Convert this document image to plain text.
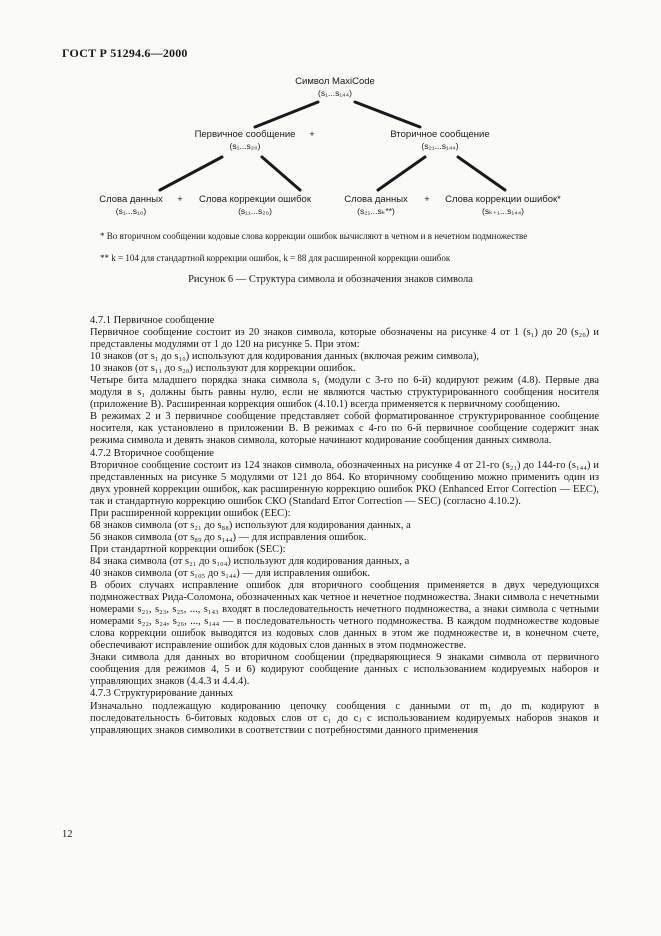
ГОСТ Р 51294.6—2000
Символ MaxiCode
(s₁...s₁₄₄)
Первичное сообщение +
(s₁...s₂₀)
Вторичное сообщение
(s₂₁...s₁₄₄)
Слова данных
(s₁...s₁₀)
+ Слова коррекции ошибок
(s₁₁...s₂₀)
Слова данных
(s₂₁...sₖ**)
+ Слова коррекции ошибок*
(sₖ₊₁...s₁₄₄)
* Во вторичном сообщении кодовые слова коррекции ошибок вычисляют в четном и в нечетном подмножестве
** k = 104 для стандартной коррекции ошибок, k = 88 для расширенной коррекции ошибок
Рисунок 6 — Структура символа и обозначения знаков символа

4.7.1 Первичное сообщение

Первичное сообщение состоит из 20 знаков символа, которые обозначены на рисунке 4 от 1 (s₁) до 20 (s₂₀) и представлены модулями от 1 до 120 на рисунке 5. При этом:

10 знаков (от s₁ до s₁₀) используют для кодирования данных (включая режим символа),

10 знаков (от s₁₁ до s₂₀) используют для коррекции ошибок.

Четыре бита младшего порядка знака символа s₁ (модули с 3-го по 6-й) кодируют режим (4.8). Первые два модуля в s₁ должны быть равны нулю, если не являются частью структурированного сообщения носителя (приложение В). Расширенная коррекция ошибок (4.10.1) всегда применяется к первичному сообщению.

В режимах 2 и 3 первичное сообщение представляет собой форматированное структурированное сообщение носителя, как установлено в приложении В. В режимах с 4-го по 6-й первичное сообщение содержит знак режима символа и девять знаков символа, которые начинают кодирование сообщения данных символа.

4.7.2 Вторичное сообщение

Вторичное сообщение состоит из 124 знаков символа, обозначенных на рисунке 4 от 21-го (s₂₁) до 144-го (s₁₄₄) и представленных на рисунке 5 модулями от 121 до 864. Ко вторичному сообщению можно применить один из двух уровней коррекции ошибок, как расширенную коррекцию ошибок РКО (Enhanced Error Correction — EEC), так и стандартную коррекцию ошибок СКО (Standard Error Correction — SEC) (согласно 4.10.2).

При расширенной коррекции ошибок (EEC):

68 знаков символа (от s₂₁ до s₈₈) используют для кодирования данных, а

56 знаков символа (от s₈₉ до s₁₄₄) — для исправления ошибок.

При стандартной коррекции ошибок (SEC):

84 знака символа (от s₂₁ до s₁₀₄) используют для кодирования данных, а

40 знаков символа (от s₁₀₅ до s₁₄₄) — для исправления ошибок.

В обоих случаях исправление ошибок для вторичного сообщения применяется в двух чередующихся подмножествах Рида-Соломона, обозначенных как четное и нечетное подмножества. Знаки символа с нечетными номерами s₂₁, s₂₃, s₂₅, ..., s₁₄₃ входят в последовательность нечетного подмножества, а знаки символа с четными номерами s₂₂, s₂₄, s₂₆, ..., s₁₄₄ — в последовательность четного подмножества. В каждом подмножестве кодовые слова коррекции ошибок выводятся из кодовых слов данных в этом же подмножестве и, в конечном счете, обеспечивают исправление ошибок для кодовых слов данных в этом подмножестве.

Знаки символа для данных во вторичном сообщении (предваряющиеся 9 знаками символа от первичного сообщения для режимов 4, 5 и 6) кодируют сообщение данных с использованием кодируемых наборов и управляющих знаков (4.4.3 и 4.4.4).

4.7.3 Структурирование данных

Изначально подлежащую кодированию цепочку сообщения с данными от m₁ до mᵢ кодируют в последовательность 6-битовых кодовых слов от c₁ до cⱼ с использованием кодируемых наборов знаков и управляющих знаков символики в соответствии с потребностями данного применения

12
